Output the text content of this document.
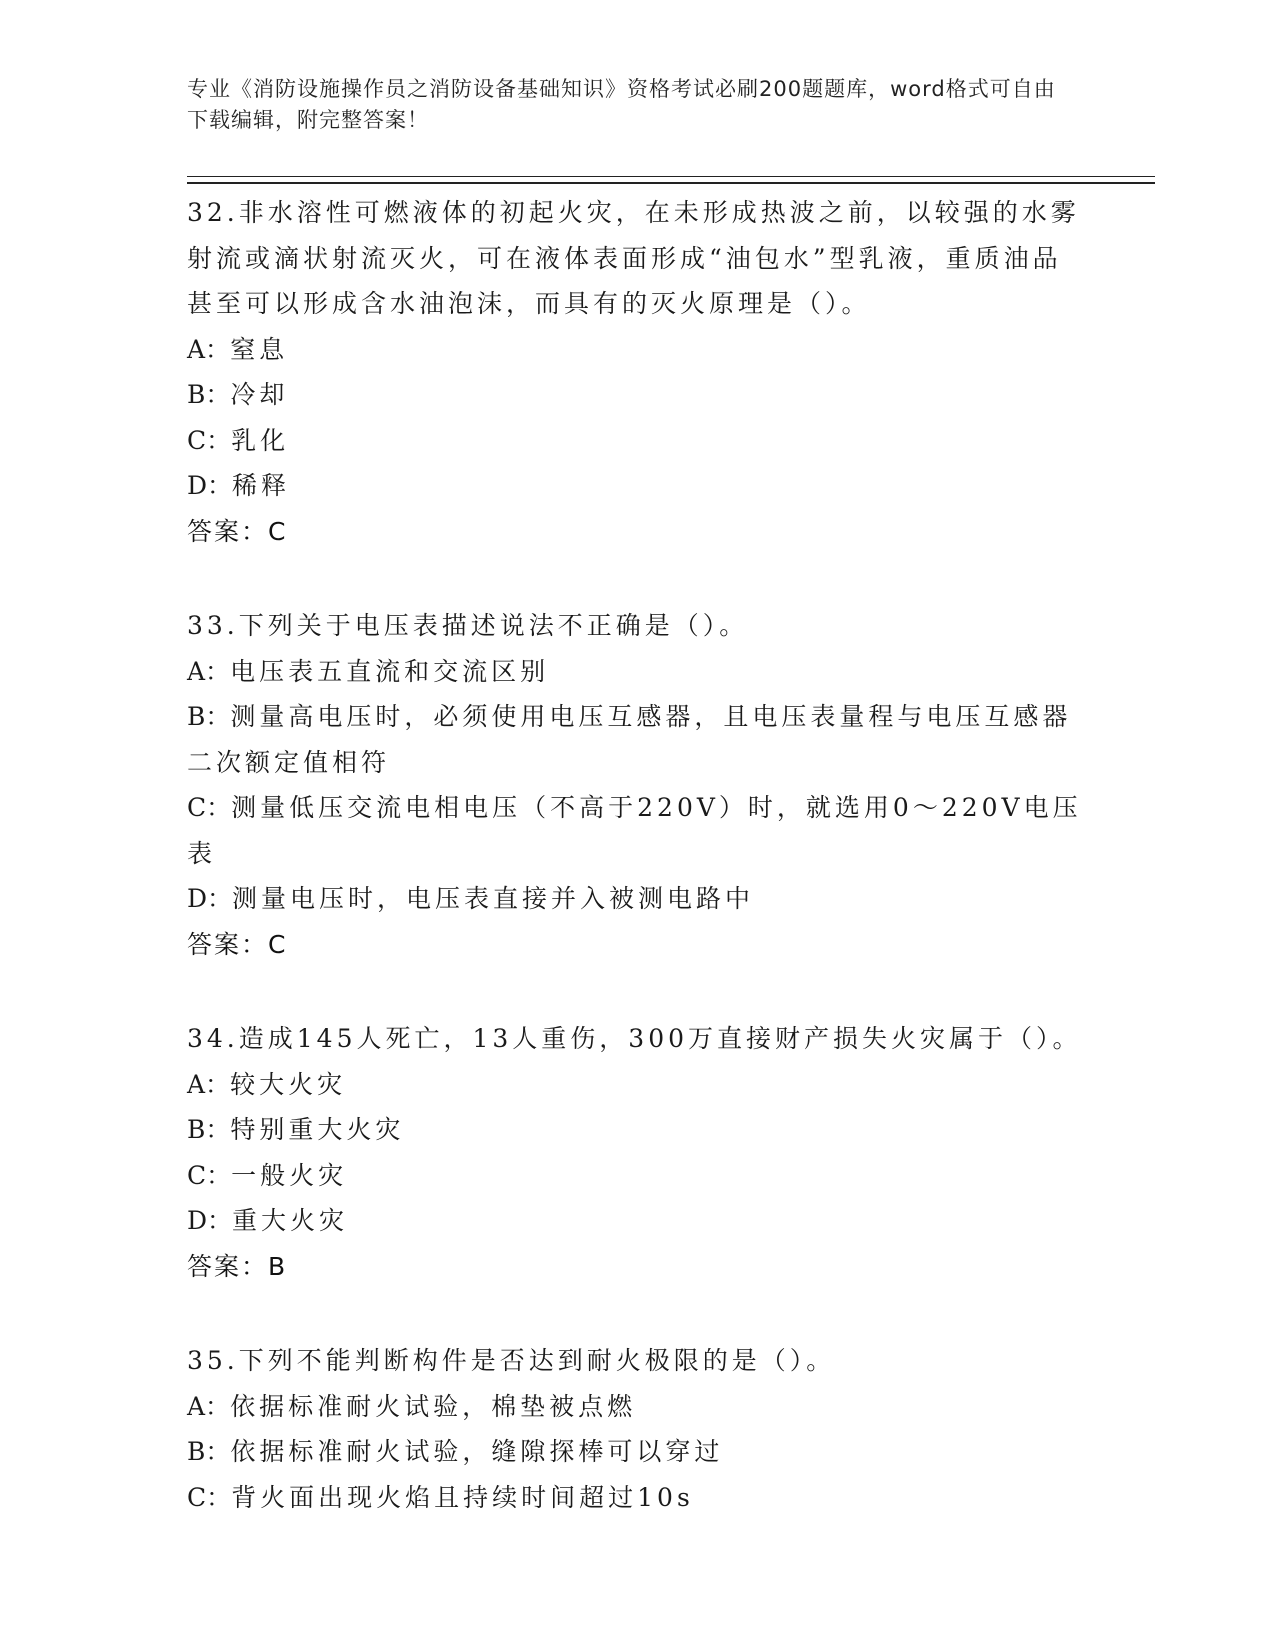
专业《消防设施操作员之消防设备基础知识》资格考试必刷200题题库，word格式可自由下载编辑，附完整答案！

32.非水溶性可燃液体的初起火灾，在未形成热波之前，以较强的水雾射流或滴状射流灭火，可在液体表面形成“油包水”型乳液，重质油品甚至可以形成含水油泡沫，而具有的灭火原理是（）。

A：窒息

B：冷却

C：乳化

D：稀释

答案：C

33.下列关于电压表描述说法不正确是（）。

A：电压表五直流和交流区别

B：测量高电压时，必须使用电压互感器，且电压表量程与电压互感器二次额定值相符

C：测量低压交流电相电压（不高于220V）时，就选用0～220V电压表

D：测量电压时，电压表直接并入被测电路中

答案：C

34.造成145人死亡，13人重伤，300万直接财产损失火灾属于（）。

A：较大火灾

B：特别重大火灾

C：一般火灾

D：重大火灾

答案：B

35.下列不能判断构件是否达到耐火极限的是（）。

A：依据标准耐火试验，棉垫被点燃

B：依据标准耐火试验，缝隙探棒可以穿过

C：背火面出现火焰且持续时间超过10s
